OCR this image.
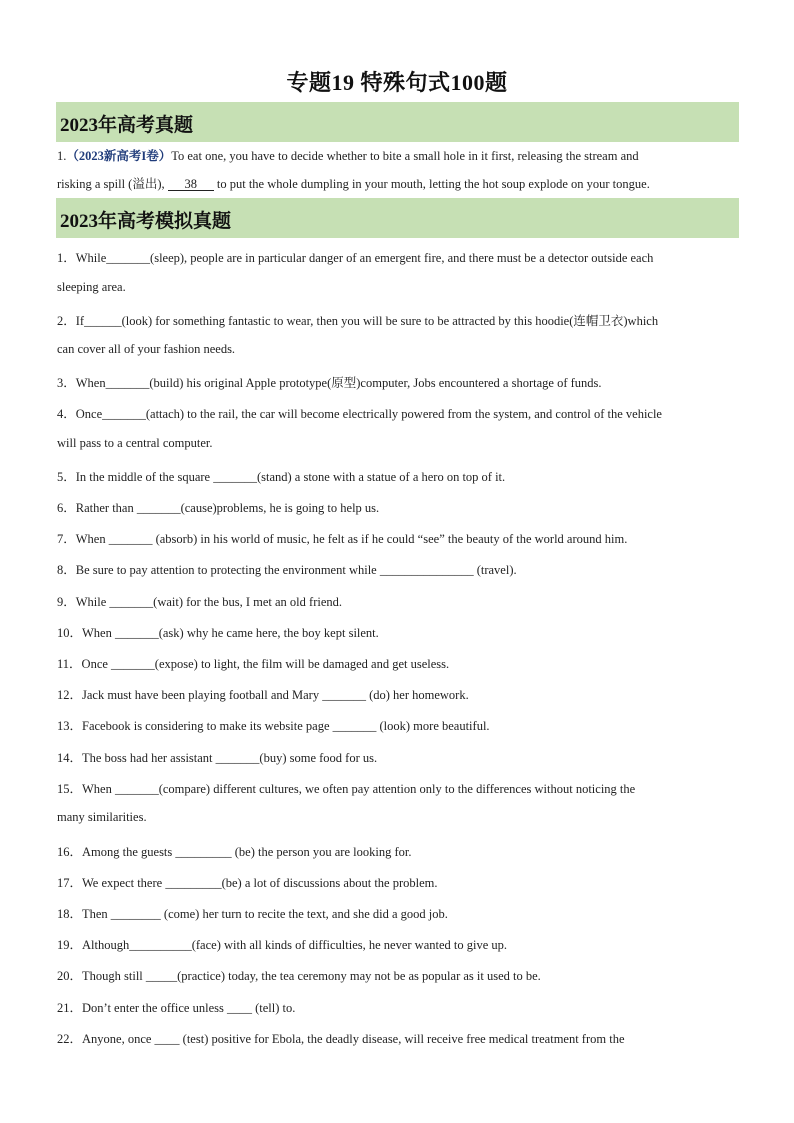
专题19 特殊句式100题
2023年高考真题
1.（2023新高考I卷）To eat one, you have to decide whether to bite a small hole in it first, releasing the stream and
risking a spill (溢出), 38 to put the whole dumpling in your mouth, letting the hot soup explode on your tongue.
2023年高考模拟真题
1．While_______(sleep), people are in particular danger of an emergent fire, and there must be a detector outside each
sleeping area.
2．If______(look) for something fantastic to wear, then you will be sure to be attracted by this hoodie(连帽卫衣)which
can cover all of your fashion needs.
3．When_______(build) his original Apple prototype(原型)computer, Jobs encountered a shortage of funds.
4．Once_______(attach) to the rail, the car will become electrically powered from the system, and control of the vehicle
will pass to a central computer.
5．In the middle of the square _______(stand) a stone with a statue of a hero on top of it.
6．Rather than _______(cause)problems, he is going to help us.
7．When _______ (absorb) in his world of music, he felt as if he could “see” the beauty of the world around him.
8．Be sure to pay attention to protecting the environment while _______________ (travel).
9．While _______(wait) for the bus, I met an old friend.
10．When _______(ask) why he came here, the boy kept silent.
11．Once _______(expose) to light, the film will be damaged and get useless.
12．Jack must have been playing football and Mary _______ (do) her homework.
13．Facebook is considering to make its website page _______ (look) more beautiful.
14．The boss had her assistant _______(buy) some food for us.
15．When _______(compare) different cultures, we often pay attention only to the differences without noticing the
many similarities.
16．Among the guests _________ (be) the person you are looking for.
17．We expect there _________(be) a lot of discussions about the problem.
18．Then ________ (come) her turn to recite the text, and she did a good job.
19．Although__________(face) with all kinds of difficulties, he never wanted to give up.
20．Though still _____(practice) today, the tea ceremony may not be as popular as it used to be.
21．Don’t enter the office unless ____ (tell) to.
22．Anyone, once ____ (test) positive for Ebola, the deadly disease, will receive free medical treatment from the
